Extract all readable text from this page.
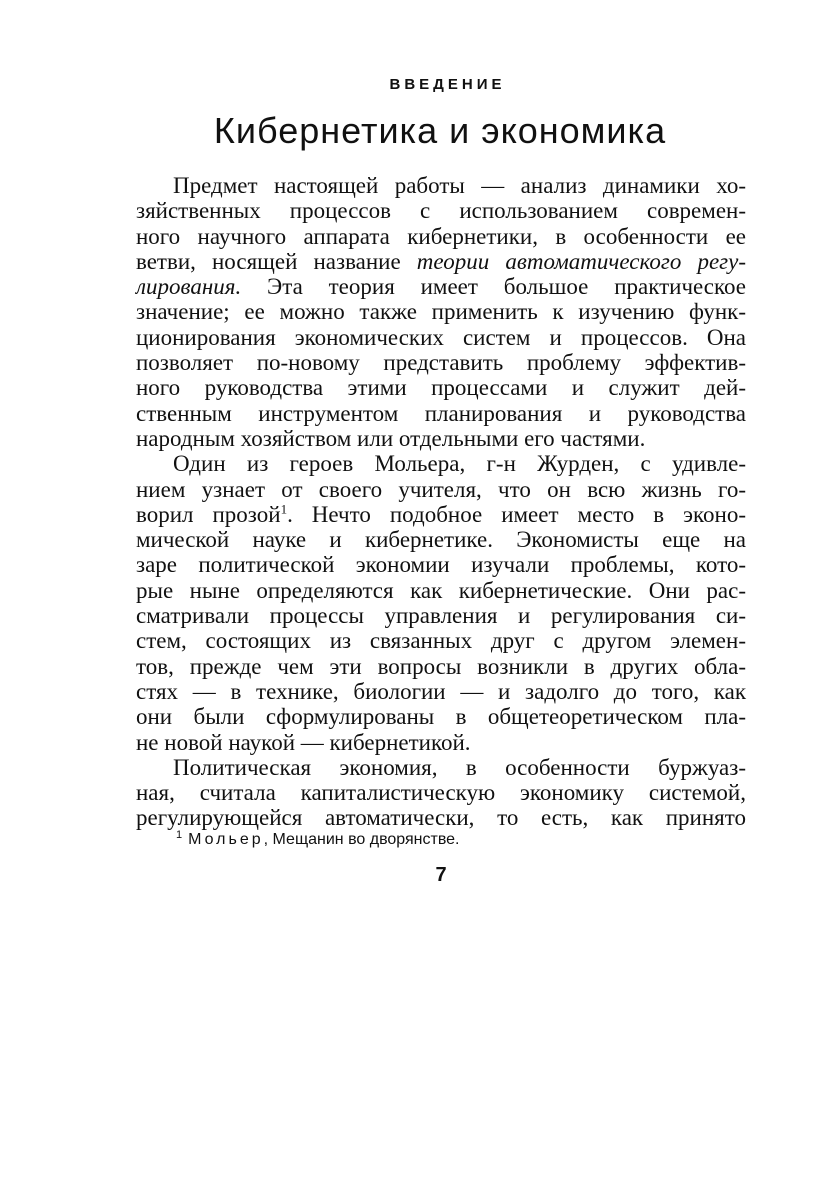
ВВЕДЕНИЕ
Кибернетика и экономика
Предмет настоящей работы — анализ динамики хо-
зяйственных процессов с использованием современ-
ного научного аппарата кибернетики, в особенности ее
ветви, носящей название теории автоматического регу-
лирования. Эта теория имеет большое практическое
значение; ее можно также применить к изучению функ-
ционирования экономических систем и процессов. Она
позволяет по-новому представить проблему эффектив-
ного руководства этими процессами и служит дей-
ственным инструментом планирования и руководства
народным хозяйством или отдельными его частями.
Один из героев Мольера, г-н Журден, с удивле-
нием узнает от своего учителя, что он всю жизнь го-
ворил прозой$^1$. Нечто подобное имеет место в эконо-
мической науке и кибернетике. Экономисты еще на
заре политической экономии изучали проблемы, кото-
рые ныне определяются как кибернетические. Они рас-
сматривали процессы управления и регулирования си-
стем, состоящих из связанных друг с другом элемен-
тов, прежде чем эти вопросы возникли в других обла-
стях — в технике, биологии — и задолго до того, как
они были сформулированы в общетеоретическом пла-
не новой наукой — кибернетикой.
Политическая экономия, в особенности буржуаз-
ная, считала капиталистическую экономику системой,
регулирующейся автоматически, то есть, как принято
$^1$ Мольер, Мещанин во дворянстве.
7
